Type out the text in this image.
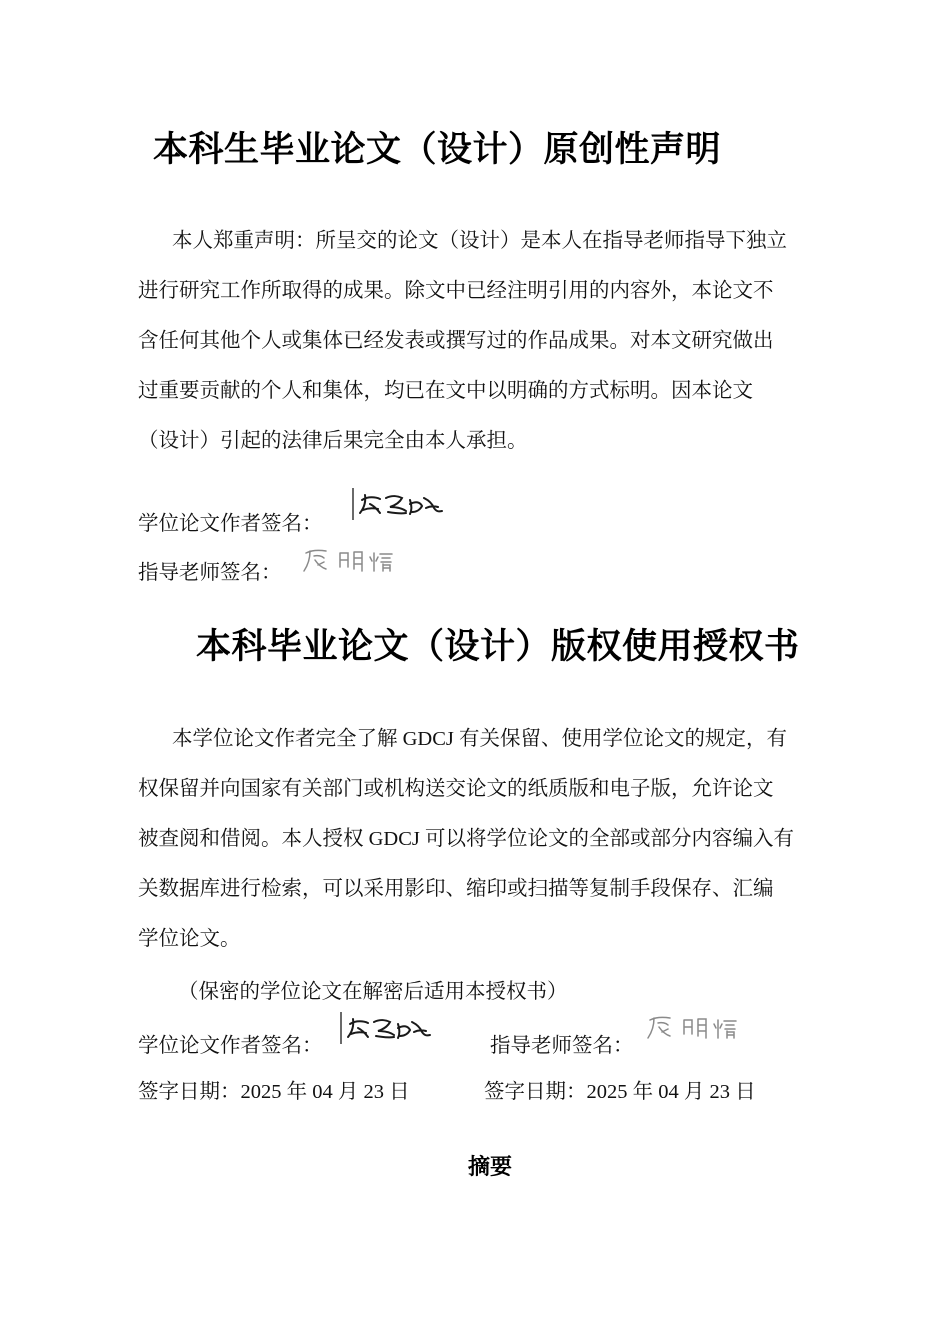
本科生毕业论文（设计）原创性声明

本人郑重声明：所呈交的论文（设计）是本人在指导老师指导下独立

进行研究工作所取得的成果。除文中已经注明引用的内容外，本论文不

含任何其他个人或集体已经发表或撰写过的作品成果。对本文研究做出

过重要贡献的个人和集体，均已在文中以明确的方式标明。因本论文

（设计）引起的法律后果完全由本人承担。

学位论文作者签名：
指导老师签名：
本科毕业论文（设计）版权使用授权书

本学位论文作者完全了解 GDCJ 有关保留、使用学位论文的规定，有

权保留并向国家有关部门或机构送交论文的纸质版和电子版，允许论文

被查阅和借阅。本人授权 GDCJ 可以将学位论文的全部或部分内容编入有

关数据库进行检索，可以采用影印、缩印或扫描等复制手段保存、汇编

学位论文。

（保密的学位论文在解密后适用本授权书）
学位论文作者签名：	指导老师签名：
签字日期：2025 年 04 月 23 日	签字日期：2025 年 04 月 23 日
摘要
